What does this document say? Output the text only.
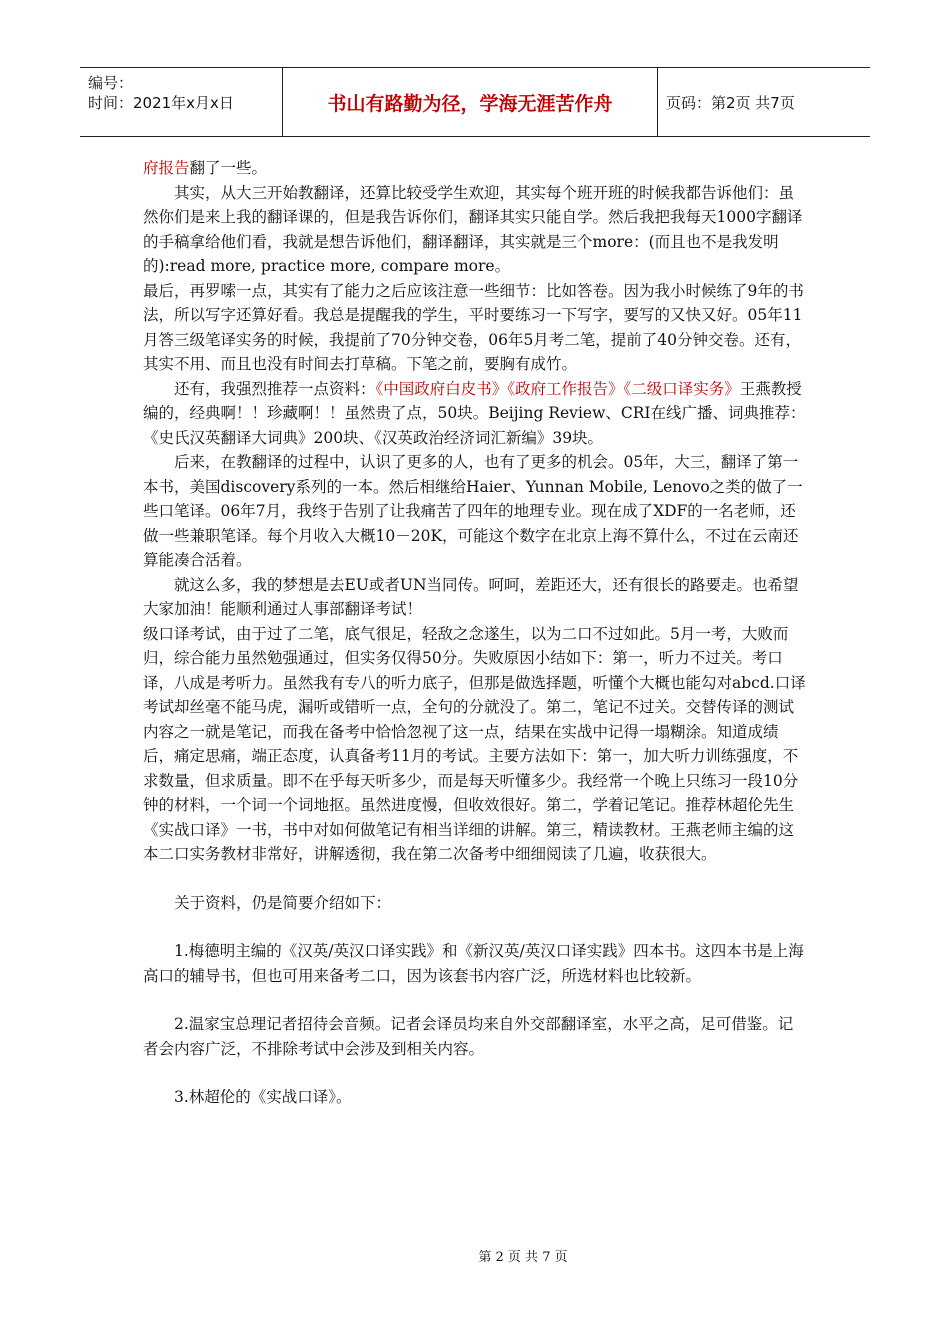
编号：
时间：2021年x月x日	书山有路勤为径，学海无涯苦作舟	页码：第2页 共7页

府报告翻了一些。

其实，从大三开始教翻译，还算比较受学生欢迎，其实每个班开班的时候我都告诉他们：虽然你们是来上我的翻译课的，但是我告诉你们，翻译其实只能自学。然后我把我每天1000字翻译的手稿拿给他们看，我就是想告诉他们，翻译翻译，其实就是三个more：(而且也不是我发明的):read more, practice more, compare more。

最后，再罗嗦一点，其实有了能力之后应该注意一些细节：比如答卷。因为我小时候练了9年的书法，所以写字还算好看。我总是提醒我的学生，平时要练习一下写字，要写的又快又好。05年11月答三级笔译实务的时候，我提前了70分钟交卷，06年5月考二笔，提前了40分钟交卷。还有，其实不用、而且也没有时间去打草稿。下笔之前，要胸有成竹。

还有，我强烈推荐一点资料：《中国政府白皮书》《政府工作报告》《二级口译实务》王燕教授编的，经典啊！！珍藏啊！！虽然贵了点，50块。Beijing Review、CRI在线广播、词典推荐：《史氏汉英翻译大词典》200块、《汉英政治经济词汇新编》39块。

后来，在教翻译的过程中，认识了更多的人，也有了更多的机会。05年，大三，翻译了第一本书，美国discovery系列的一本。然后相继给Haier、Yunnan Mobile, Lenovo之类的做了一些口笔译。06年7月，我终于告别了让我痛苦了四年的地理专业。现在成了XDF的一名老师，还做一些兼职笔译。每个月收入大概10－20K，可能这个数字在北京上海不算什么，不过在云南还算能凑合活着。

就这么多，我的梦想是去EU或者UN当同传。呵呵，差距还大，还有很长的路要走。也希望大家加油！能顺利通过人事部翻译考试！

级口译考试，由于过了二笔，底气很足，轻敌之念遂生，以为二口不过如此。5月一考，大败而归，综合能力虽然勉强通过，但实务仅得50分。失败原因小结如下：第一，听力不过关。考口译，八成是考听力。虽然我有专八的听力底子，但那是做选择题，听懂个大概也能勾对abcd.口译考试却丝毫不能马虎，漏听或错听一点，全句的分就没了。第二，笔记不过关。交替传译的测试内容之一就是笔记，而我在备考中恰恰忽视了这一点，结果在实战中记得一塌糊涂。知道成绩后，痛定思痛，端正态度，认真备考11月的考试。主要方法如下：第一，加大听力训练强度，不求数量，但求质量。即不在乎每天听多少，而是每天听懂多少。我经常一个晚上只练习一段10分钟的材料，一个词一个词地抠。虽然进度慢，但收效很好。第二，学着记笔记。推荐林超伦先生《实战口译》一书，书中对如何做笔记有相当详细的讲解。第三，精读教材。王燕老师主编的这本二口实务教材非常好，讲解透彻，我在第二次备考中细细阅读了几遍，收获很大。

关于资料，仍是简要介绍如下：

1.梅德明主编的《汉英/英汉口译实践》和《新汉英/英汉口译实践》四本书。这四本书是上海高口的辅导书，但也可用来备考二口，因为该套书内容广泛，所选材料也比较新。

2.温家宝总理记者招待会音频。记者会译员均来自外交部翻译室，水平之高，足可借鉴。记者会内容广泛，不排除考试中会涉及到相关内容。

3.林超伦的《实战口译》。

第 2 页 共 7 页
